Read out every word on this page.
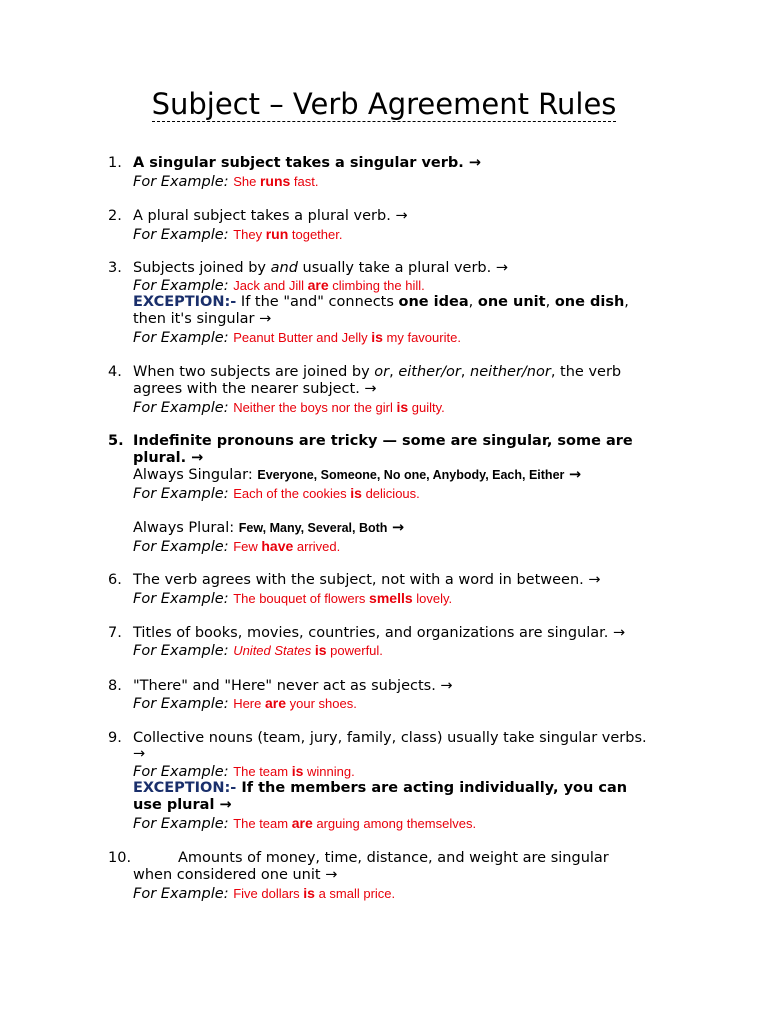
Subject – Verb Agreement Rules
1. A singular subject takes a singular verb. →
For Example: She runs fast.
2. A plural subject takes a plural verb. →
For Example: They run together.
3. Subjects joined by and usually take a plural verb. →
For Example: Jack and Jill are climbing the hill.
EXCEPTION:- If the "and" connects one idea, one unit, one dish,
then it's singular →
For Example: Peanut Butter and Jelly is my favourite.
4. When two subjects are joined by or, either/or, neither/nor, the verb
agrees with the nearer subject. →
For Example: Neither the boys nor the girl is guilty.
5. Indefinite pronouns are tricky — some are singular, some are
plural. →
Always Singular: Everyone, Someone, No one, Anybody, Each, Either →
For Example: Each of the cookies is delicious.
Always Plural: Few, Many, Several, Both →
For Example: Few have arrived.
6. The verb agrees with the subject, not with a word in between. →
For Example: The bouquet of flowers smells lovely.
7. Titles of books, movies, countries, and organizations are singular. →
For Example: United States is powerful.
8. "There" and "Here" never act as subjects. →
For Example: Here are your shoes.
9. Collective nouns (team, jury, family, class) usually take singular verbs.
→
For Example: The team is winning.
EXCEPTION:- If the members are acting individually, you can
use plural →
For Example: The team are arguing among themselves.
10.	Amounts of money, time, distance, and weight are singular
when considered one unit →
For Example: Five dollars is a small price.
